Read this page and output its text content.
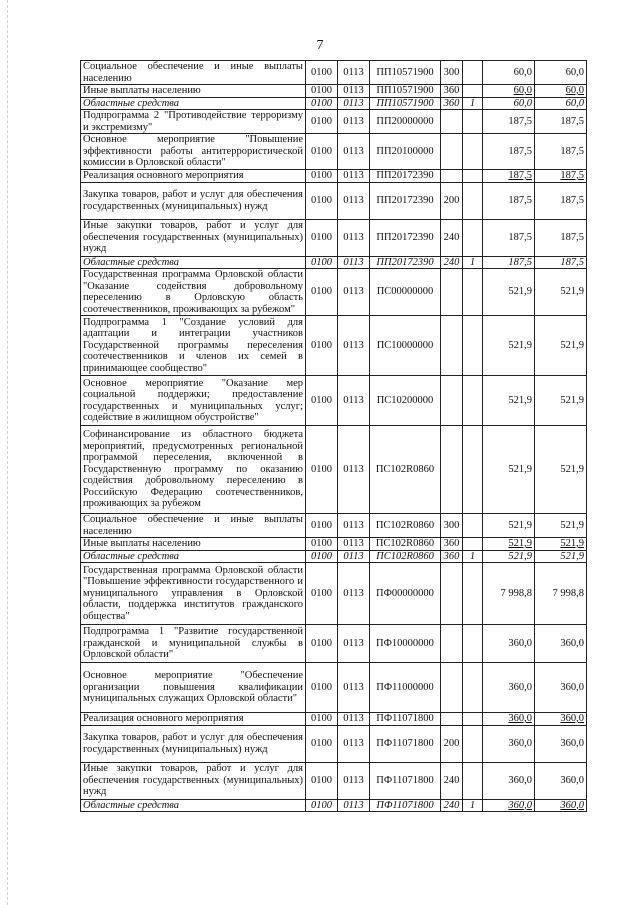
7
Социальное обеспечение и иные выплаты населению	0100	0113	ПП10571900	300		60,0	60,0
Иные выплаты населению	0100	0113	ПП10571900	360		60,0	60,0
Областные средства	0100	0113	ПП10571900	360	1	60,0	60,0
Подпрограмма 2 "Противодействие терроризму и экстремизму"	0100	0113	ПП20000000			187,5	187,5
Основное мероприятие "Повышение эффективности работы антитеррористической комиссии в Орловской области"	0100	0113	ПП20100000			187,5	187,5
Реализация основного мероприятия	0100	0113	ПП20172390			187,5	187,5
Закупка товаров, работ и услуг для обеспечения государственных (муниципальных) нужд	0100	0113	ПП20172390	200		187,5	187,5
Иные закупки товаров, работ и услуг для обеспечения государственных (муниципальных) нужд	0100	0113	ПП20172390	240		187,5	187,5
Областные средства	0100	0113	ПП20172390	240	1	187,5	187,5
Государственная программа Орловской области "Оказание содействия добровольному переселению в Орловскую область соотечественников, проживающих за рубежом"	0100	0113	ПС00000000			521,9	521,9
Подпрограмма 1 "Создание условий для адаптации и интеграции участников Государственной программы переселения соотечественников и членов их семей в принимающее сообщество"	0100	0113	ПС10000000			521,9	521,9
Основное мероприятие "Оказание мер социальной поддержки; предоставление государственных и муниципальных услуг; содействие в жилищном обустройстве"	0100	0113	ПС10200000			521,9	521,9
Софинансирование из областного бюджета мероприятий, предусмотренных региональной программой переселения, включенной в Государственную программу по оказанию содействия добровольному переселению в Российскую Федерацию соотечественников, проживающих за рубежом	0100	0113	ПС102R0860			521,9	521,9
Социальное обеспечение и иные выплаты населению	0100	0113	ПС102R0860	300		521,9	521,9
Иные выплаты населению	0100	0113	ПС102R0860	360		521,9	521,9
Областные средства	0100	0113	ПС102R0860	360	1	521,9	521,9
Государственная программа Орловской области "Повышение эффективности государственного и муниципального управления в Орловской области, поддержка институтов гражданского общества"	0100	0113	ПФ00000000			7 998,8	7 998,8
Подпрограмма 1 "Развитие государственной гражданской и муниципальной службы в Орловской области"	0100	0113	ПФ10000000			360,0	360,0
Основное мероприятие "Обеспечение организации повышения квалификации муниципальных служащих Орловской области"	0100	0113	ПФ11000000			360,0	360,0
Реализация основного мероприятия	0100	0113	ПФ11071800			360,0	360,0
Закупка товаров, работ и услуг для обеспечения государственных (муниципальных) нужд	0100	0113	ПФ11071800	200		360,0	360,0
Иные закупки товаров, работ и услуг для обеспечения государственных (муниципальных) нужд	0100	0113	ПФ11071800	240		360,0	360,0
Областные средства	0100	0113	ПФ11071800	240	1	360,0	360,0
